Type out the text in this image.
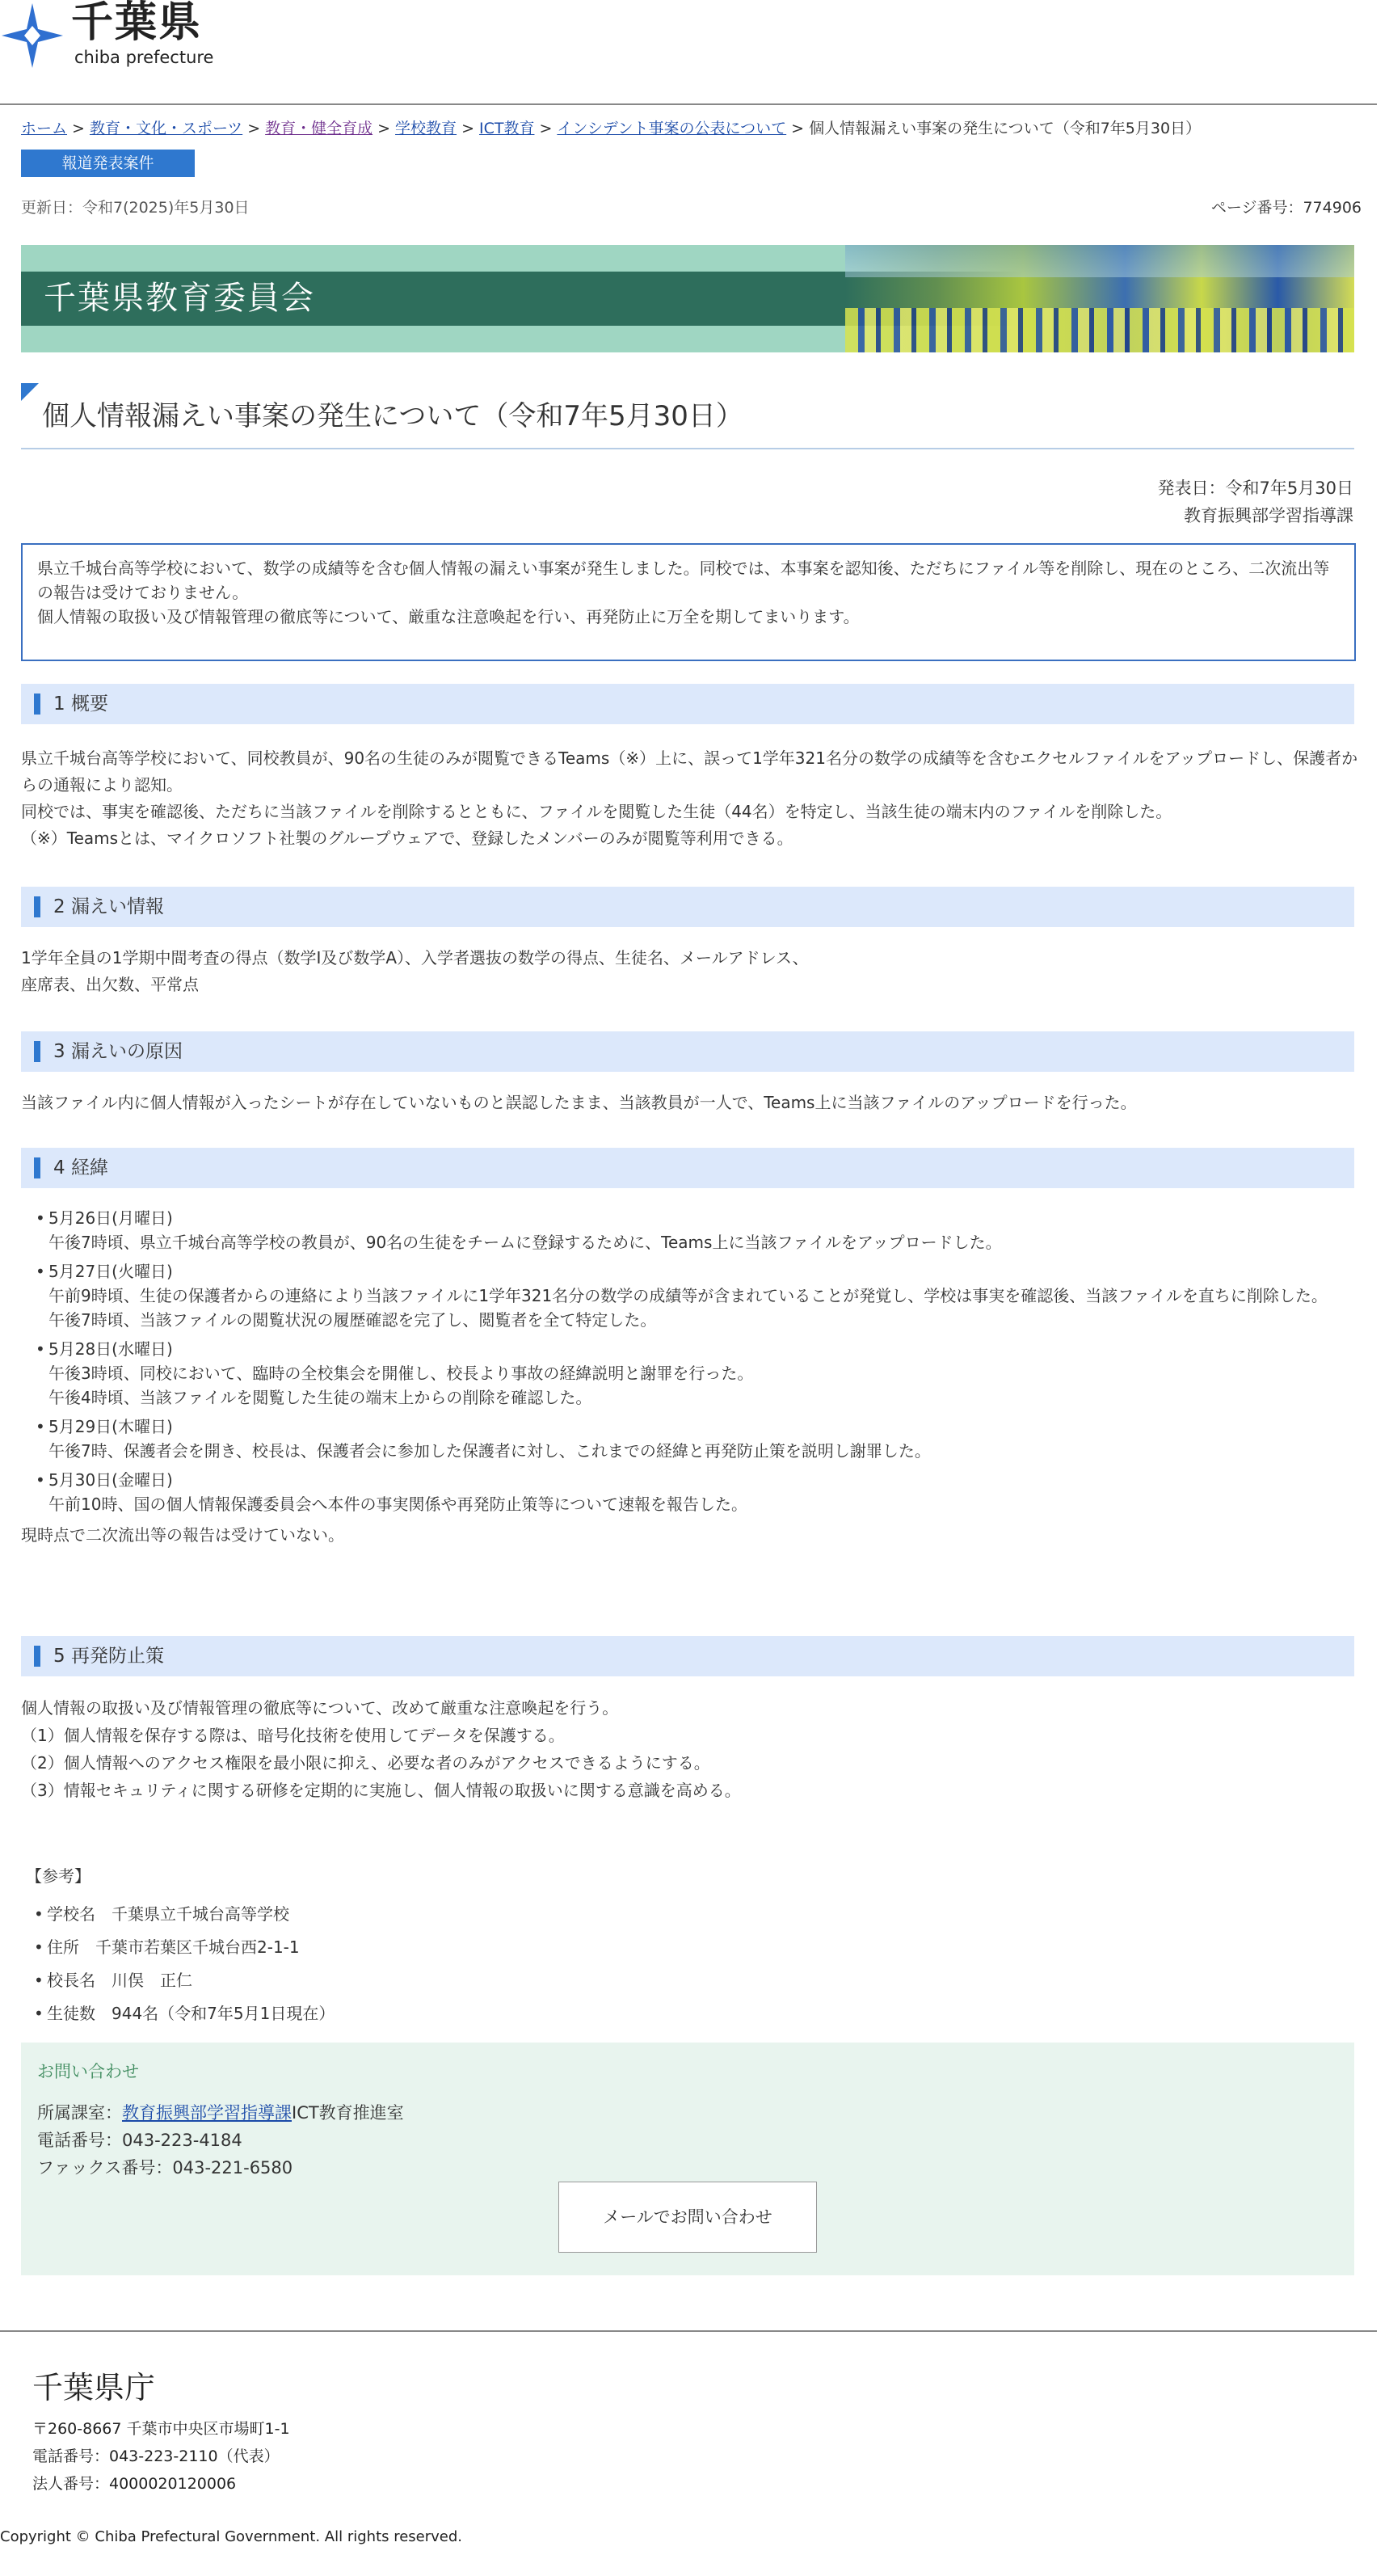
千葉県
chiba prefecture
ホーム > 教育・文化・スポーツ > 教育・健全育成 > 学校教育 > ICT教育 > インシデント事案の公表について > 個人情報漏えい事案の発生について（令和7年5月30日）
報道発表案件
更新日：令和7(2025)年5月30日	ページ番号：774906
千葉県教育委員会
個人情報漏えい事案の発生について（令和7年5月30日）
発表日：令和7年5月30日
教育振興部学習指導課

県立千城台高等学校において、数学の成績等を含む個人情報の漏えい事案が発生しました。同校では、本事案を認知後、ただちにファイル等を削除し、現在のところ、二次流出等の報告は受けておりません。

個人情報の取扱い及び情報管理の徹底等について、厳重な注意喚起を行い、再発防止に万全を期してまいります。

1 概要

県立千城台高等学校において、同校教員が、90名の生徒のみが閲覧できるTeams（※）上に、誤って1学年321名分の数学の成績等を含むエクセルファイルをアップロードし、保護者からの通報により認知。

同校では、事実を確認後、ただちに当該ファイルを削除するとともに、ファイルを閲覧した生徒（44名）を特定し、当該生徒の端末内のファイルを削除した。

（※）Teamsとは、マイクロソフト社製のグループウェアで、登録したメンバーのみが閲覧等利用できる。

2 漏えい情報

1学年全員の1学期中間考査の得点（数学I及び数学A）、入学者選抜の数学の得点、生徒名、メールアドレス、

座席表、出欠数、平常点

3 漏えいの原因

当該ファイル内に個人情報が入ったシートが存在していないものと誤認したまま、当該教員が一人で、Teams上に当該ファイルのアップロードを行った。

4 経緯
• 5月26日(月曜日)
午後7時頃、県立千城台高等学校の教員が、90名の生徒をチームに登録するために、Teams上に当該ファイルをアップロードした。
• 5月27日(火曜日)
午前9時頃、生徒の保護者からの連絡により当該ファイルに1学年321名分の数学の成績等が含まれていることが発覚し、学校は事実を確認後、当該ファイルを直ちに削除した。
午後7時頃、当該ファイルの閲覧状況の履歴確認を完了し、閲覧者を全て特定した。
• 5月28日(水曜日)
午後3時頃、同校において、臨時の全校集会を開催し、校長より事故の経緯説明と謝罪を行った。
午後4時頃、当該ファイルを閲覧した生徒の端末上からの削除を確認した。
• 5月29日(木曜日)
午後7時、保護者会を開き、校長は、保護者会に参加した保護者に対し、これまでの経緯と再発防止策を説明し謝罪した。
• 5月30日(金曜日)
午前10時、国の個人情報保護委員会へ本件の事実関係や再発防止策等について速報を報告した。

現時点で二次流出等の報告は受けていない。

5 再発防止策

個人情報の取扱い及び情報管理の徹底等について、改めて厳重な注意喚起を行う。

（1）個人情報を保存する際は、暗号化技術を使用してデータを保護する。

（2）個人情報へのアクセス権限を最小限に抑え、必要な者のみがアクセスできるようにする。

（3）情報セキュリティに関する研修を定期的に実施し、個人情報の取扱いに関する意識を高める。

【参考】
• 学校名　千葉県立千城台高等学校
• 住所　千葉市若葉区千城台西2-1-1
• 校長名　川俣　正仁
• 生徒数　944名（令和7年5月1日現在）
お問い合わせ
所属課室：教育振興部学習指導課ICT教育推進室
電話番号：043-223-4184
ファックス番号：043-221-6580
メールでお問い合わせ
千葉県庁
〒260-8667 千葉市中央区市場町1-1
電話番号：043-223-2110（代表）
法人番号：4000020120006
Copyright © Chiba Prefectural Government. All rights reserved.
